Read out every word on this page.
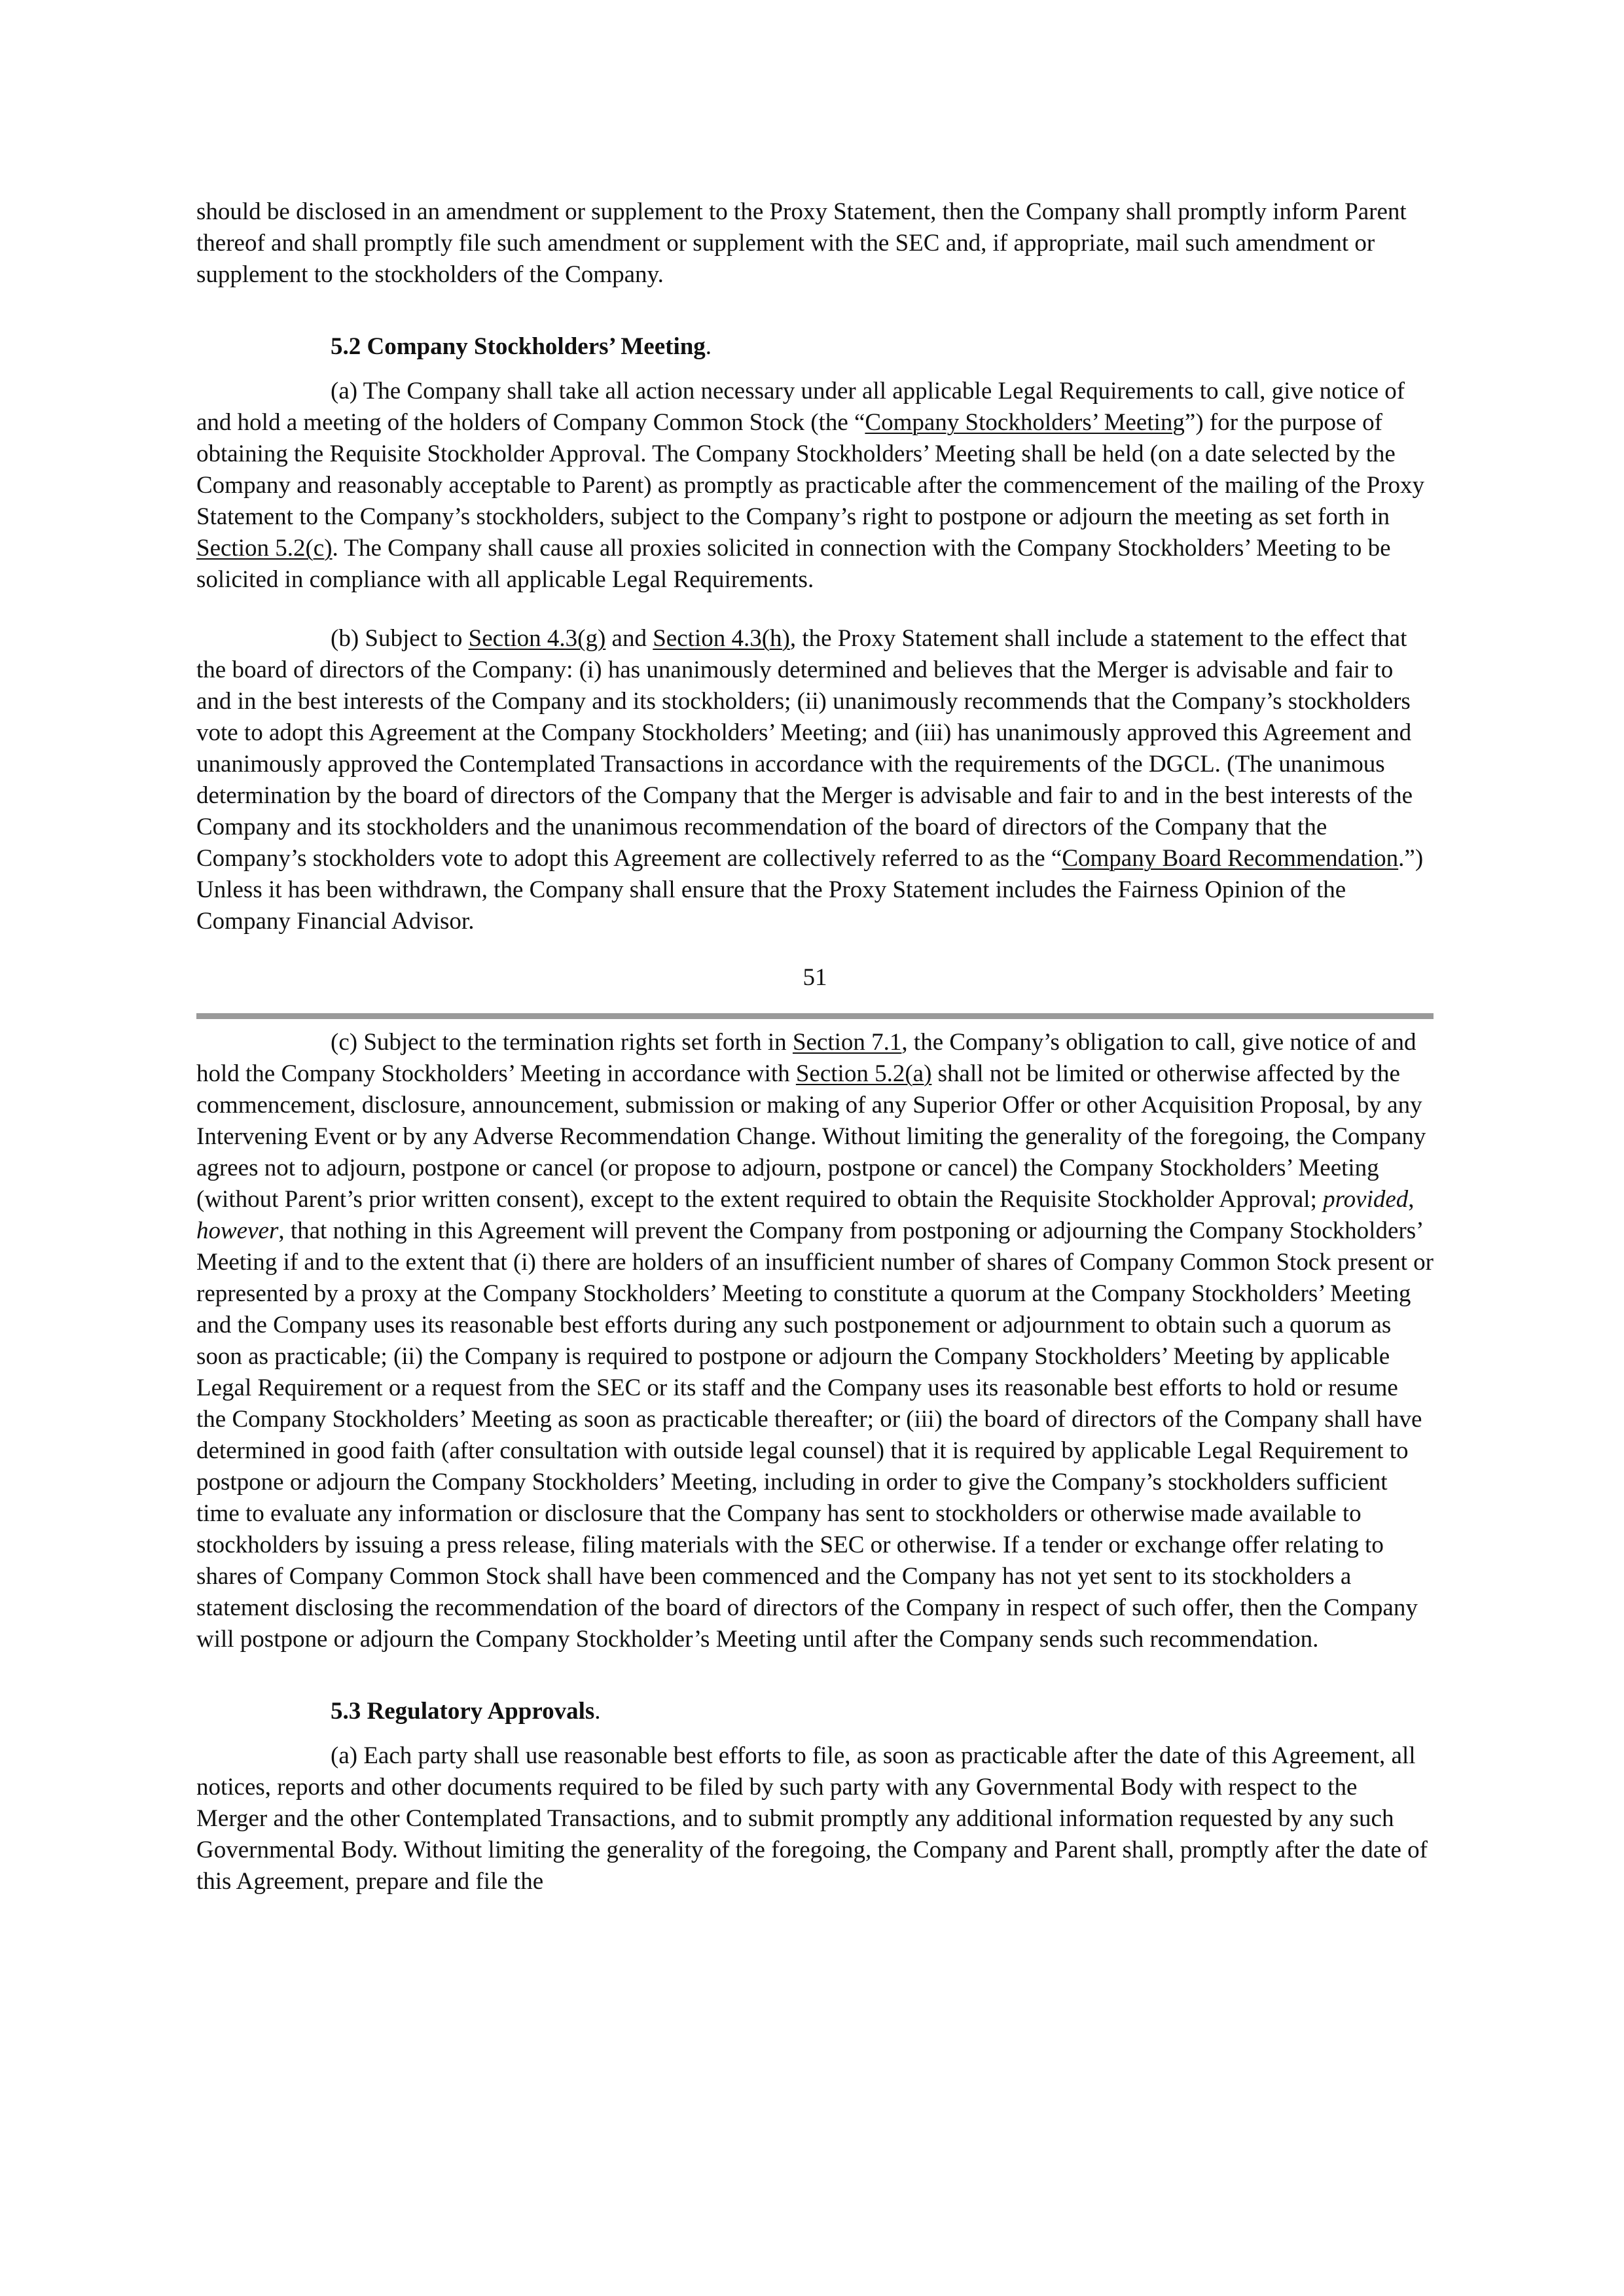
should be disclosed in an amendment or supplement to the Proxy Statement, then the Company shall promptly inform Parent thereof and shall promptly file such amendment or supplement with the SEC and, if appropriate, mail such amendment or supplement to the stockholders of the Company.

5.2 Company Stockholders’ Meeting.

(a) The Company shall take all action necessary under all applicable Legal Requirements to call, give notice of and hold a meeting of the holders of Company Common Stock (the “Company Stockholders’ Meeting”) for the purpose of obtaining the Requisite Stockholder Approval. The Company Stockholders’ Meeting shall be held (on a date selected by the Company and reasonably acceptable to Parent) as promptly as practicable after the commencement of the mailing of the Proxy Statement to the Company’s stockholders, subject to the Company’s right to postpone or adjourn the meeting as set forth in Section 5.2(c). The Company shall cause all proxies solicited in connection with the Company Stockholders’ Meeting to be solicited in compliance with all applicable Legal Requirements.

(b) Subject to Section 4.3(g) and Section 4.3(h), the Proxy Statement shall include a statement to the effect that the board of directors of the Company: (i) has unanimously determined and believes that the Merger is advisable and fair to and in the best interests of the Company and its stockholders; (ii) unanimously recommends that the Company’s stockholders vote to adopt this Agreement at the Company Stockholders’ Meeting; and (iii) has unanimously approved this Agreement and unanimously approved the Contemplated Transactions in accordance with the requirements of the DGCL. (The unanimous determination by the board of directors of the Company that the Merger is advisable and fair to and in the best interests of the Company and its stockholders and the unanimous recommendation of the board of directors of the Company that the Company’s stockholders vote to adopt this Agreement are collectively referred to as the “Company Board Recommendation.”) Unless it has been withdrawn, the Company shall ensure that the Proxy Statement includes the Fairness Opinion of the Company Financial Advisor.

51

(c) Subject to the termination rights set forth in Section 7.1, the Company’s obligation to call, give notice of and hold the Company Stockholders’ Meeting in accordance with Section 5.2(a) shall not be limited or otherwise affected by the commencement, disclosure, announcement, submission or making of any Superior Offer or other Acquisition Proposal, by any Intervening Event or by any Adverse Recommendation Change. Without limiting the generality of the foregoing, the Company agrees not to adjourn, postpone or cancel (or propose to adjourn, postpone or cancel) the Company Stockholders’ Meeting (without Parent’s prior written consent), except to the extent required to obtain the Requisite Stockholder Approval; provided, however, that nothing in this Agreement will prevent the Company from postponing or adjourning the Company Stockholders’ Meeting if and to the extent that (i) there are holders of an insufficient number of shares of Company Common Stock present or represented by a proxy at the Company Stockholders’ Meeting to constitute a quorum at the Company Stockholders’ Meeting and the Company uses its reasonable best efforts during any such postponement or adjournment to obtain such a quorum as soon as practicable; (ii) the Company is required to postpone or adjourn the Company Stockholders’ Meeting by applicable Legal Requirement or a request from the SEC or its staff and the Company uses its reasonable best efforts to hold or resume the Company Stockholders’ Meeting as soon as practicable thereafter; or (iii) the board of directors of the Company shall have determined in good faith (after consultation with outside legal counsel) that it is required by applicable Legal Requirement to postpone or adjourn the Company Stockholders’ Meeting, including in order to give the Company’s stockholders sufficient time to evaluate any information or disclosure that the Company has sent to stockholders or otherwise made available to stockholders by issuing a press release, filing materials with the SEC or otherwise. If a tender or exchange offer relating to shares of Company Common Stock shall have been commenced and the Company has not yet sent to its stockholders a statement disclosing the recommendation of the board of directors of the Company in respect of such offer, then the Company will postpone or adjourn the Company Stockholder’s Meeting until after the Company sends such recommendation.

5.3 Regulatory Approvals.

(a) Each party shall use reasonable best efforts to file, as soon as practicable after the date of this Agreement, all notices, reports and other documents required to be filed by such party with any Governmental Body with respect to the Merger and the other Contemplated Transactions, and to submit promptly any additional information requested by any such Governmental Body. Without limiting the generality of the foregoing, the Company and Parent shall, promptly after the date of this Agreement, prepare and file the
